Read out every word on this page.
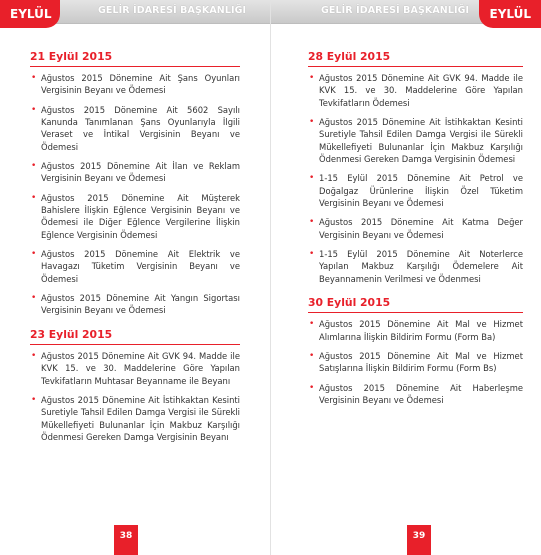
EYLÜL	GELİR İDARESİ BAŞKANLIĞI
21 Eylül 2015
• Ağustos 2015 Dönemine Ait Şans Oyunları Vergisinin Beyanı ve Ödemesi
• Ağustos 2015 Dönemine Ait 5602 Sayılı Kanunda Tanımlanan Şans Oyunlarıyla İlgili Veraset ve İntikal Vergisinin Beyanı ve Ödemesi
• Ağustos 2015 Dönemine Ait İlan ve Reklam Vergisinin Beyanı ve Ödemesi
• Ağustos 2015 Dönemine Ait Müşterek Bahislere İlişkin Eğlence Vergisinin Beyanı ve Ödemesi ile Diğer Eğlence Vergilerine İlişkin Eğlence Vergisinin Ödemesi
• Ağustos 2015 Dönemine Ait Elektrik ve Havagazı Tüketim Vergisinin Beyanı ve Ödemesi
• Ağustos 2015 Dönemine Ait Yangın Sigortası Vergisinin Beyanı ve Ödemesi
23 Eylül 2015
• Ağustos 2015 Dönemine Ait GVK 94. Madde ile KVK 15. ve 30. Maddelerine Göre Yapılan Tevkifatların Muhtasar Beyanname ile Beyanı
• Ağustos 2015 Dönemine Ait İstihkaktan Kesinti Suretiyle Tahsil Edilen Damga Vergisi ile Sürekli Mükellefiyeti Bulunanlar İçin Makbuz Karşılığı Ödenmesi Gereken Damga Vergisinin Beyanı
38
GELİR İDARESİ BAŞKANLIĞI	EYLÜL
28 Eylül 2015
• Ağustos 2015 Dönemine Ait GVK 94. Madde ile KVK 15. ve 30. Maddelerine Göre Yapılan Tevkifatların Ödemesi
• Ağustos 2015 Dönemine Ait İstihkaktan Kesinti Suretiyle Tahsil Edilen Damga Vergisi ile Sürekli Mükellefiyeti Bulunanlar İçin Makbuz Karşılığı Ödenmesi Gereken Damga Vergisinin Ödemesi
• 1-15 Eylül 2015 Dönemine Ait Petrol ve Doğalgaz Ürünlerine İlişkin Özel Tüketim Vergisinin Beyanı ve Ödemesi
• Ağustos 2015 Dönemine Ait Katma Değer Vergisinin Beyanı ve Ödemesi
• 1-15 Eylül 2015 Dönemine Ait Noterlerce Yapılan Makbuz Karşılığı Ödemelere Ait Beyannamenin Verilmesi ve Ödenmesi
30 Eylül 2015
• Ağustos 2015 Dönemine Ait Mal ve Hizmet Alımlarına İlişkin Bildirim Formu (Form Ba)
• Ağustos 2015 Dönemine Ait Mal ve Hizmet Satışlarına İlişkin Bildirim Formu (Form Bs)
• Ağustos 2015 Dönemine Ait Haberleşme Vergisinin Beyanı ve Ödemesi
39
